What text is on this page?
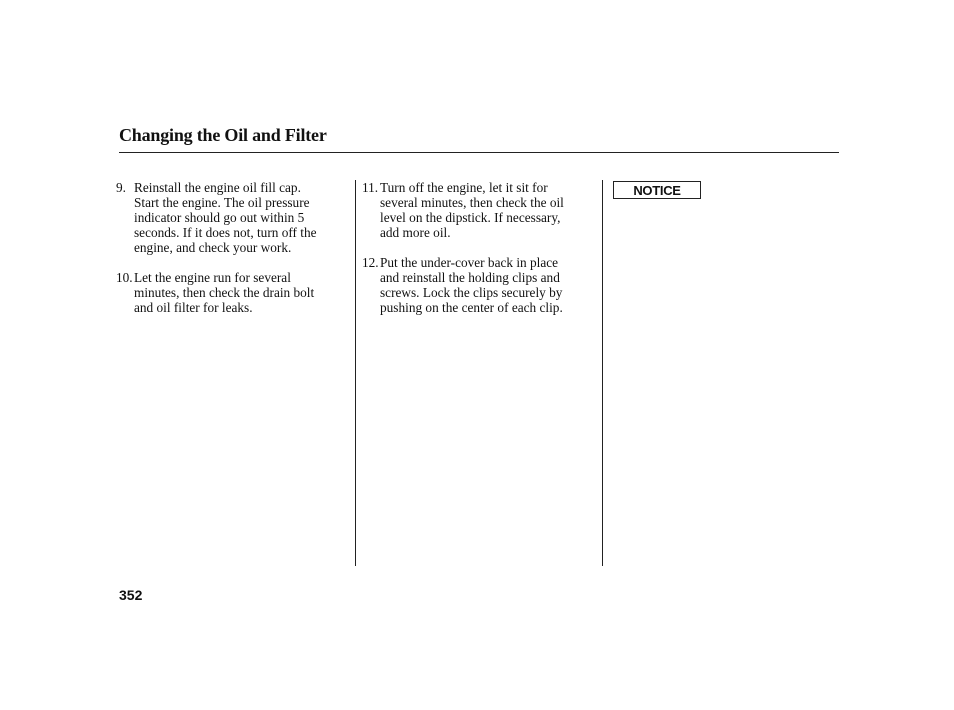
Changing the Oil and Filter
9. Reinstall the engine oil fill cap.
Start the engine. The oil pressure
indicator should go out within 5
seconds. If it does not, turn off the
engine, and check your work.
10. Let the engine run for several
minutes, then check the drain bolt
and oil filter for leaks.
11. Turn off the engine, let it sit for
several minutes, then check the oil
level on the dipstick. If necessary,
add more oil.
12. Put the under-cover back in place
and reinstall the holding clips and
screws. Lock the clips securely by
pushing on the center of each clip.
NOTICE
352
